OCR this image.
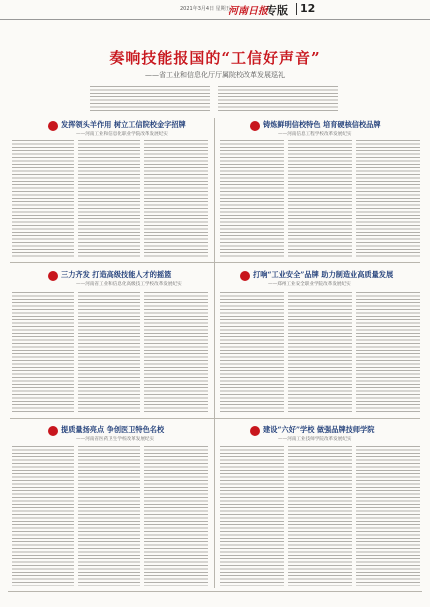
2021年3月4日 星期五
河南日报
专版 12
奏响技能报国的“工信好声音”
——省工业和信息化厅厅属院校改革发展巡礼
发挥领头羊作用 树立工信院校金字招牌
——河南工业和信息化职业学院改革发展纪实
铸炼鲜明信校特色 培育硬核信校品牌
——河南信息工程学校改革发展纪实
三力齐发 打造高级技能人才的摇篮
——河南省工业和信息化高级技工学校改革发展纪实
打响“工业安全”品牌 助力制造业高质量发展
——郑州工业安全职业学院改革发展纪实
提质量扬亮点 争创医卫特色名校
——河南省医药卫生学校改革发展纪实
建设“六好”学校 做强品牌技师学院
——河南工业技师学院改革发展纪实
